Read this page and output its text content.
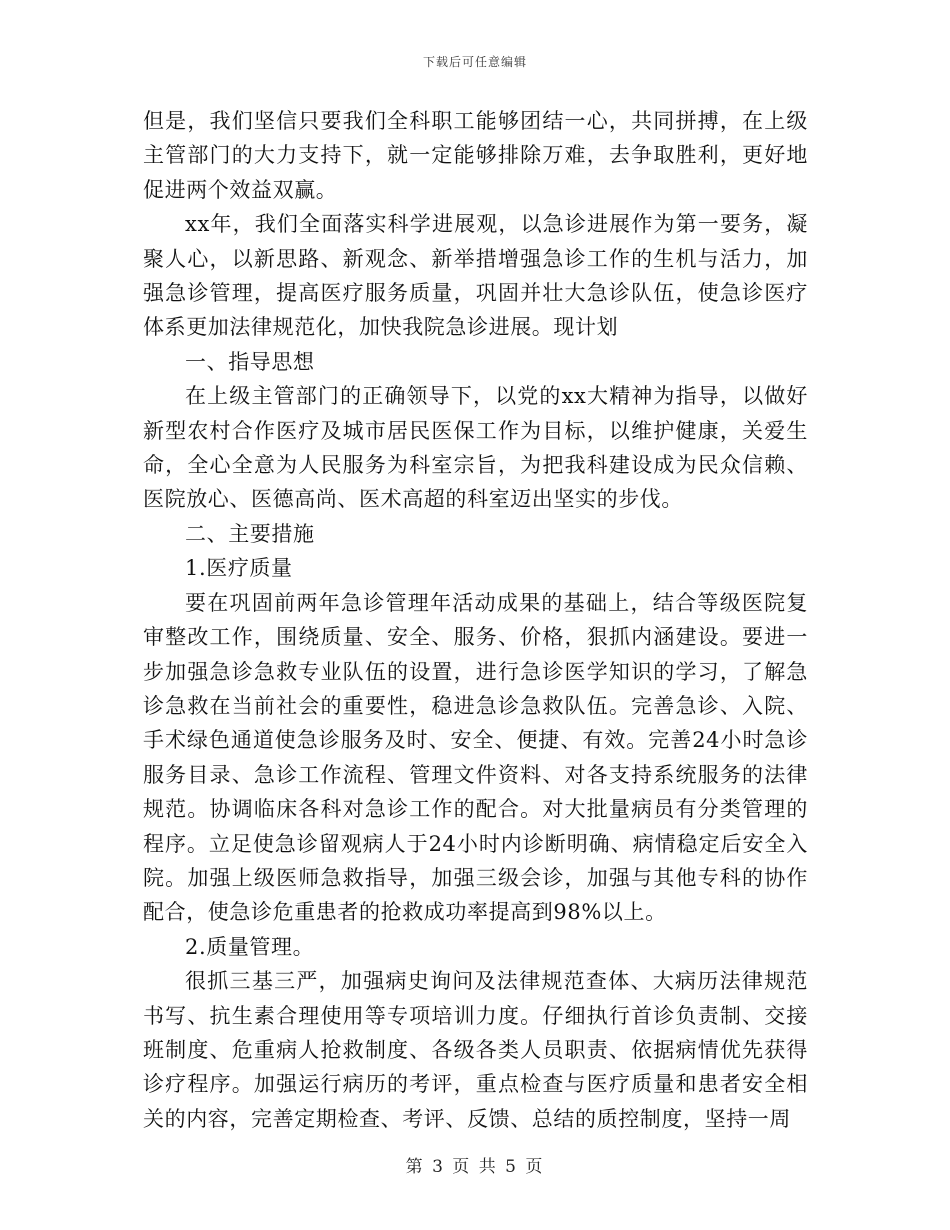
下载后可任意编辑

但是，我们坚信只要我们全科职工能够团结一心，共同拼搏，在上级主管部门的大力支持下，就一定能够排除万难，去争取胜利，更好地促进两个效益双赢。

xx年，我们全面落实科学进展观，以急诊进展作为第一要务，凝聚人心，以新思路、新观念、新举措增强急诊工作的生机与活力，加强急诊管理，提高医疗服务质量，巩固并壮大急诊队伍，使急诊医疗体系更加法律规范化，加快我院急诊进展。现计划

一、指导思想

在上级主管部门的正确领导下，以党的xx大精神为指导，以做好新型农村合作医疗及城市居民医保工作为目标，以维护健康，关爱生命，全心全意为人民服务为科室宗旨，为把我科建设成为民众信赖、医院放心、医德高尚、医术高超的科室迈出坚实的步伐。

二、主要措施

1.医疗质量

要在巩固前两年急诊管理年活动成果的基础上，结合等级医院复审整改工作，围绕质量、安全、服务、价格，狠抓内涵建设。要进一步加强急诊急救专业队伍的设置，进行急诊医学知识的学习，了解急诊急救在当前社会的重要性，稳进急诊急救队伍。完善急诊、入院、手术绿色通道使急诊服务及时、安全、便捷、有效。完善24小时急诊服务目录、急诊工作流程、管理文件资料、对各支持系统服务的法律规范。协调临床各科对急诊工作的配合。对大批量病员有分类管理的程序。立足使急诊留观病人于24小时内诊断明确、病情稳定后安全入院。加强上级医师急救指导，加强三级会诊，加强与其他专科的协作配合，使急诊危重患者的抢救成功率提高到98%以上。

2.质量管理。

很抓三基三严，加强病史询问及法律规范查体、大病历法律规范书写、抗生素合理使用等专项培训力度。仔细执行首诊负责制、交接班制度、危重病人抢救制度、各级各类人员职责、依据病情优先获得诊疗程序。加强运行病历的考评，重点检查与医疗质量和患者安全相关的内容，完善定期检查、考评、反馈、总结的质控制度，坚持一周

第 3 页 共 5 页
